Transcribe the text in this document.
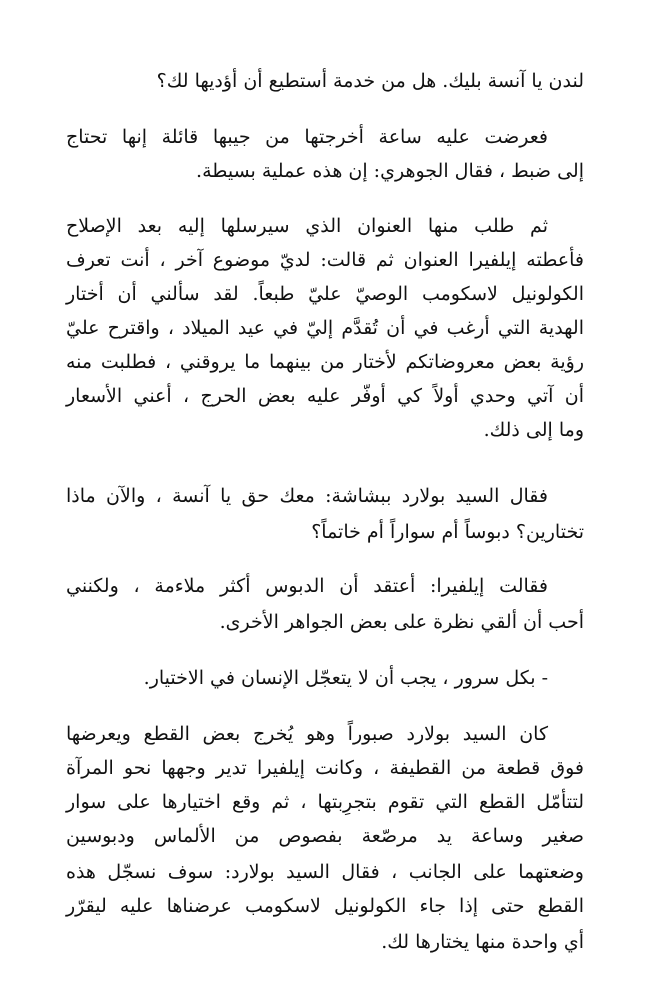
لندن يا آنسة بليك. هل من خدمة أستطيع أن أؤديها لك؟

فعرضت عليه ساعة أخرجتها من جيبها قائلة إنها تحتاج

إلى ضبط ، فقال الجوهري: إن هذه عملية بسيطة.

ثم طلب منها العنوان الذي سيرسلها إليه بعد الإصلاح

فأعطته إيلفيرا العنوان ثم قالت: لديّ موضوع آخر ، أنت تعرف

الكولونيل لاسكومب الوصيّ عليّ طبعاً. لقد سألني أن أختار

الهدية التي أرغب في أن تُقدَّم إليّ في عيد الميلاد ، واقترح عليّ

رؤية بعض معروضاتكم لأختار من بينهما ما يروقني ، فطلبت منه

أن آتي وحدي أولاً كي أوفّر عليه بعض الحرج ، أعني الأسعار

وما إلى ذلك.

فقال السيد بولارد ببشاشة: معك حق يا آنسة ، والآن ماذا

تختارين؟ دبوساً أم سواراً أم خاتماً؟

فقالت إيلفيرا: أعتقد أن الدبوس أكثر ملاءمة ، ولكنني

أحب أن ألقي نظرة على بعض الجواهر الأخرى.

- بكل سرور ، يجب أن لا يتعجّل الإنسان في الاختيار.

كان السيد بولارد صبوراً وهو يُخرج بعض القطع ويعرضها

فوق قطعة من القطيفة ، وكانت إيلفيرا تدير وجهها نحو المرآة

لتتأمّل القطع التي تقوم بتجرِبتها ، ثم وقع اختيارها على سوار

صغير وساعة يد مرصّعة بفصوص من الألماس ودبوسين

وضعتهما على الجانب ، فقال السيد بولارد: سوف نسجّل هذه

القطع حتى إذا جاء الكولونيل لاسكومب عرضناها عليه ليقرّر

أي واحدة منها يختارها لك.
